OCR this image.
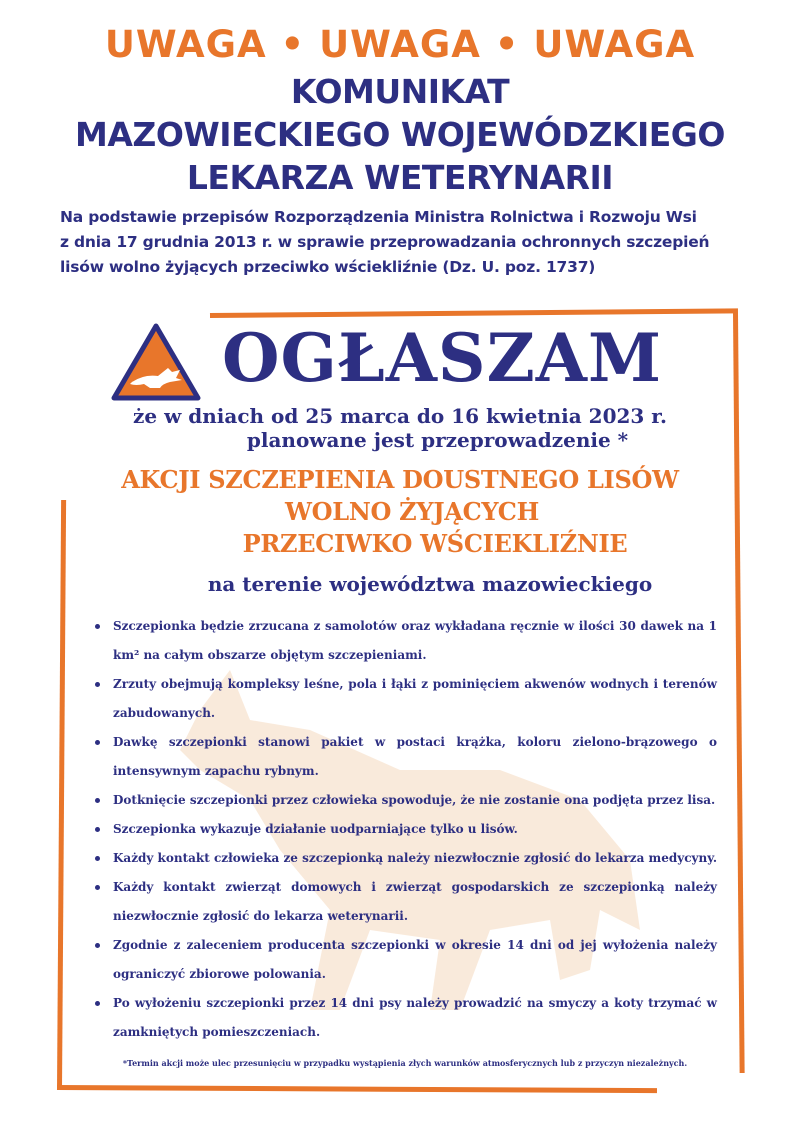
UWAGA • UWAGA • UWAGA
KOMUNIKAT
MAZOWIECKIEGO WOJEWÓDZKIEGO
LEKARZA WETERYNARII
Na podstawie przepisów Rozporządzenia Ministra Rolnictwa i Rozwoju Wsi
z dnia 17 grudnia 2013 r. w sprawie przeprowadzania ochronnych szczepień
lisów wolno żyjących przeciwko wściekliźnie (Dz. U. poz. 1737)
OGŁASZAM
że w dniach od 25 marca do 16 kwietnia 2023 r.
planowane jest przeprowadzenie *
AKCJI SZCZEPIENIA DOUSTNEGO LISÓW
WOLNO ŻYJĄCYCH
PRZECIWKO WŚCIEKLIŹNIE
na terenie województwa mazowieckiego
Szczepionka będzie zrzucana z samolotów oraz wykładana ręcznie w ilości 30 dawek na 1 km² na całym obszarze objętym szczepieniami.
Zrzuty obejmują kompleksy leśne, pola i łąki z pominięciem akwenów wodnych i terenów zabudowanych.
Dawkę szczepionki stanowi pakiet w postaci krążka, koloru zielono-brązowego o intensywnym zapachu rybnym.
Dotknięcie szczepionki przez człowieka spowoduje, że nie zostanie ona podjęta przez lisa.
Szczepionka wykazuje działanie uodparniające tylko u lisów.
Każdy kontakt człowieka ze szczepionką należy niezwłocznie zgłosić do lekarza medycyny.
Każdy kontakt zwierząt domowych i zwierząt gospodarskich ze szczepionką należy niezwłocznie zgłosić do lekarza weterynarii.
Zgodnie z zaleceniem producenta szczepionki w okresie 14 dni od jej wyłożenia należy ograniczyć zbiorowe polowania.
Po wyłożeniu szczepionki przez 14 dni psy należy prowadzić na smyczy a koty trzymać w zamkniętych pomieszczeniach.
*Termin akcji może ulec przesunięciu w przypadku wystąpienia złych warunków atmosferycznych lub z przyczyn niezależnych.
